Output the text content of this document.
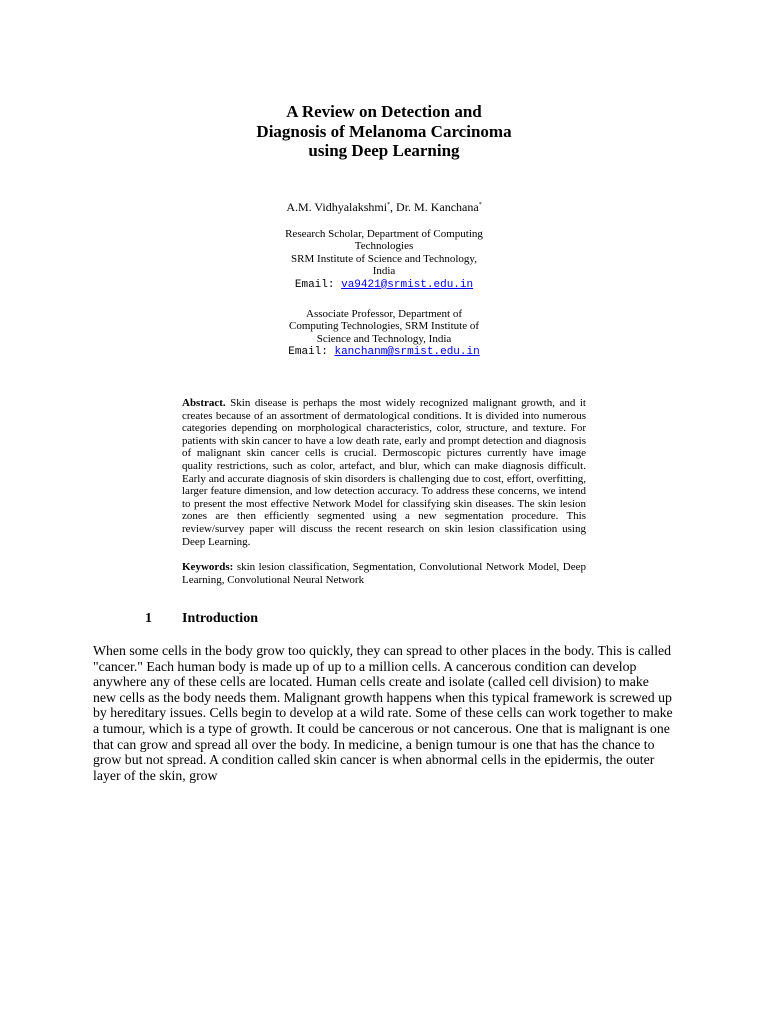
A Review on Detection and Diagnosis of Melanoma Carcinoma using Deep Learning
A.M. Vidhyalakshmi*, Dr. M. Kanchana*
Research Scholar, Department of Computing
Technologies
SRM Institute of Science and Technology,
India
Email: va9421@srmist.edu.in
Associate Professor, Department of
Computing Technologies, SRM Institute of
Science and Technology, India
Email: kanchanm@srmist.edu.in
Abstract. Skin disease is perhaps the most widely recognized malignant growth, and it creates because of an assortment of dermatological conditions. It is divided into numerous categories depending on morphological characteristics, color, structure, and texture. For patients with skin cancer to have a low death rate, early and prompt detection and diagnosis of malignant skin cancer cells is crucial. Dermoscopic pictures currently have image quality restrictions, such as color, artefact, and blur, which can make diagnosis difficult. Early and accurate diagnosis of skin disorders is challenging due to cost, effort, overfitting, larger feature dimension, and low detection accuracy. To address these concerns, we intend to present the most effective Network Model for classifying skin diseases. The skin lesion zones are then efficiently segmented using a new segmentation procedure. This review/survey paper will discuss the recent research on skin lesion classification using Deep Learning.
Keywords: skin lesion classification, Segmentation, Convolutional Network Model, Deep Learning, Convolutional Neural Network
1 Introduction
When some cells in the body grow too quickly, they can spread to other places in the body. This is called "cancer." Each human body is made up of up to a million cells. A cancerous condition can develop anywhere any of these cells are located. Human cells create and isolate (called cell division) to make new cells as the body needs them. Malignant growth happens when this typical framework is screwed up by hereditary issues. Cells begin to develop at a wild rate. Some of these cells can work together to make a tumour, which is a type of growth. It could be cancerous or not cancerous. One that is malignant is one that can grow and spread all over the body. In medicine, a benign tumour is one that has the chance to grow but not spread. A condition called skin cancer is when abnormal cells in the epidermis, the outer layer of the skin, grow
